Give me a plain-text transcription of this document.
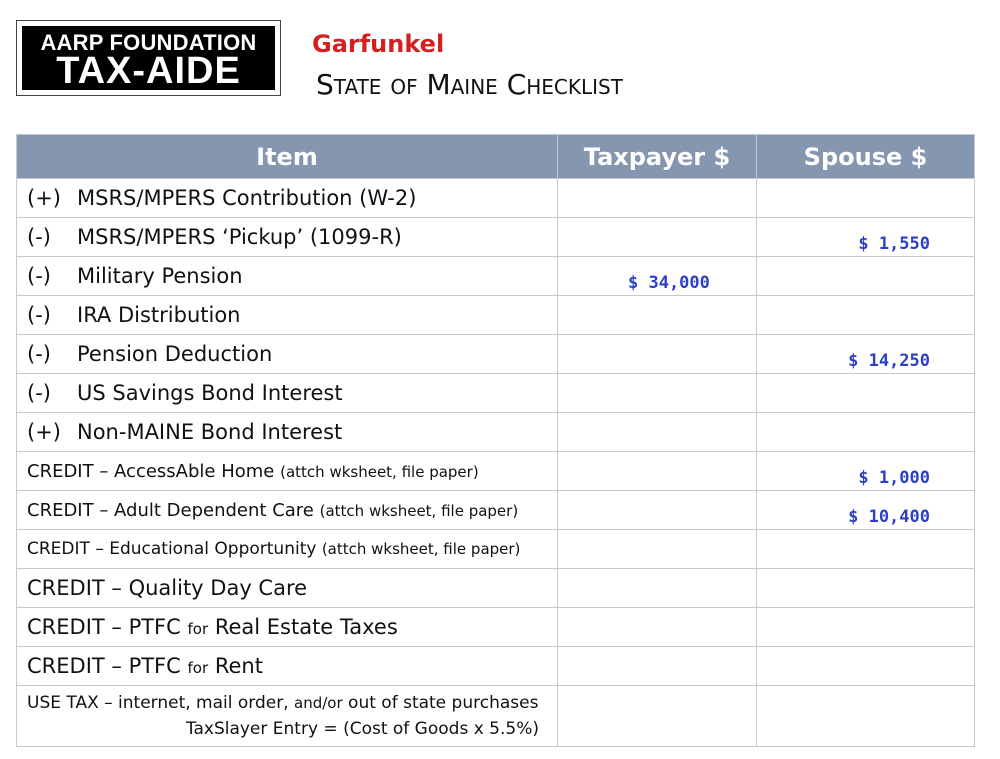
AARP FOUNDATION
TAX-AIDE
Garfunkel
State of Maine Checklist
Item	Taxpayer $	Spouse $
(+) MSRS/MPERS Contribution (W-2)		
(-) MSRS/MPERS ‘Pickup’ (1099-R)		$ 1,550
(-) Military Pension	$ 34,000	
(-) IRA Distribution		
(-) Pension Deduction		$ 14,250
(-) US Savings Bond Interest		
(+) Non-MAINE Bond Interest		
CREDIT – AccessAble Home (attch wksheet, file paper)		$ 1,000
CREDIT – Adult Dependent Care (attch wksheet, file paper)		$ 10,400
CREDIT – Educational Opportunity (attch wksheet, file paper)		
CREDIT – Quality Day Care		
CREDIT – PTFC for Real Estate Taxes		
CREDIT – PTFC for Rent		

USE TAX – internet, mail order, and/or out of state purchases
TaxSlayer Entry = (Cost of Goods x 5.5%)		
